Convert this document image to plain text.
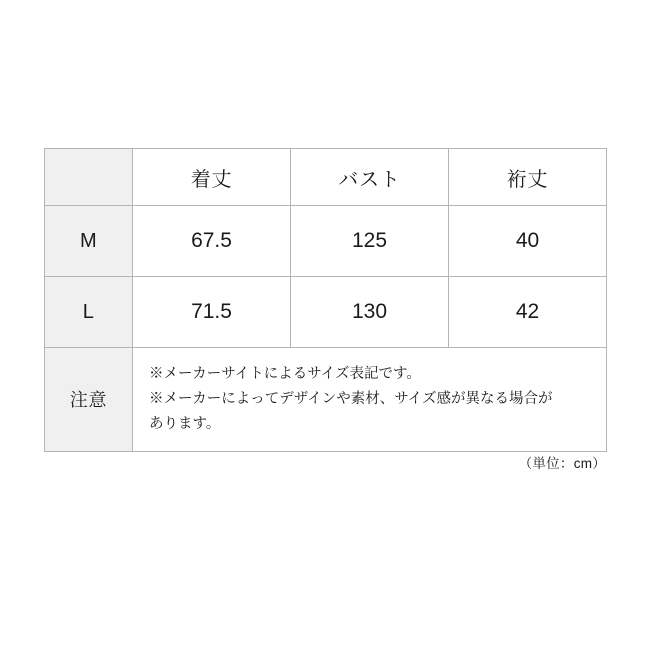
	着丈	バスト	裄丈
M	67.5	125	40
L	71.5	130	42
注意	※メーカーサイトによるサイズ表記です。
※メーカーによってデザインや素材、サイズ感が異なる場合が
あります。		
（単位：cm）
